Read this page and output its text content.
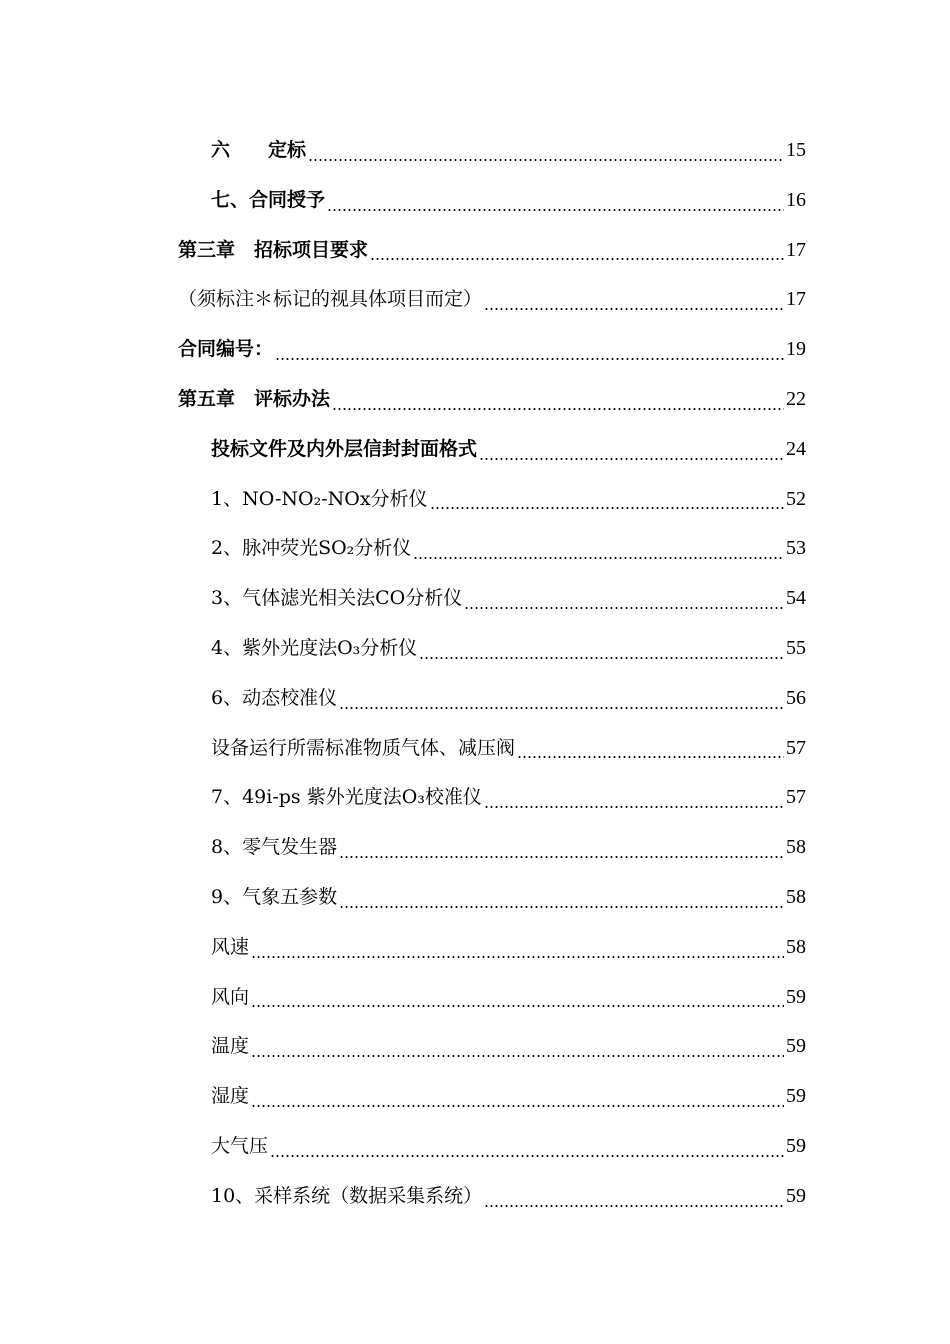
六　　定标	15
七、合同授予	16
第三章　招标项目要求	17
（须标注＊标记的视具体项目而定）	17
合同编号：	19
第五章　评标办法	22
投标文件及内外层信封封面格式	24
1、NO-NO₂-NOx分析仪	52
2、脉冲荧光SO₂分析仪	53
3、气体滤光相关法CO分析仪	54
4、紫外光度法O₃分析仪	55
6、动态校准仪	56
设备运行所需标准物质气体、减压阀	57
7、49i-ps 紫外光度法O₃校准仪	57
8、零气发生器	58
9、气象五参数	58
风速	58
风向	59
温度	59
湿度	59
大气压	59
10、采样系统（数据采集系统）	59
